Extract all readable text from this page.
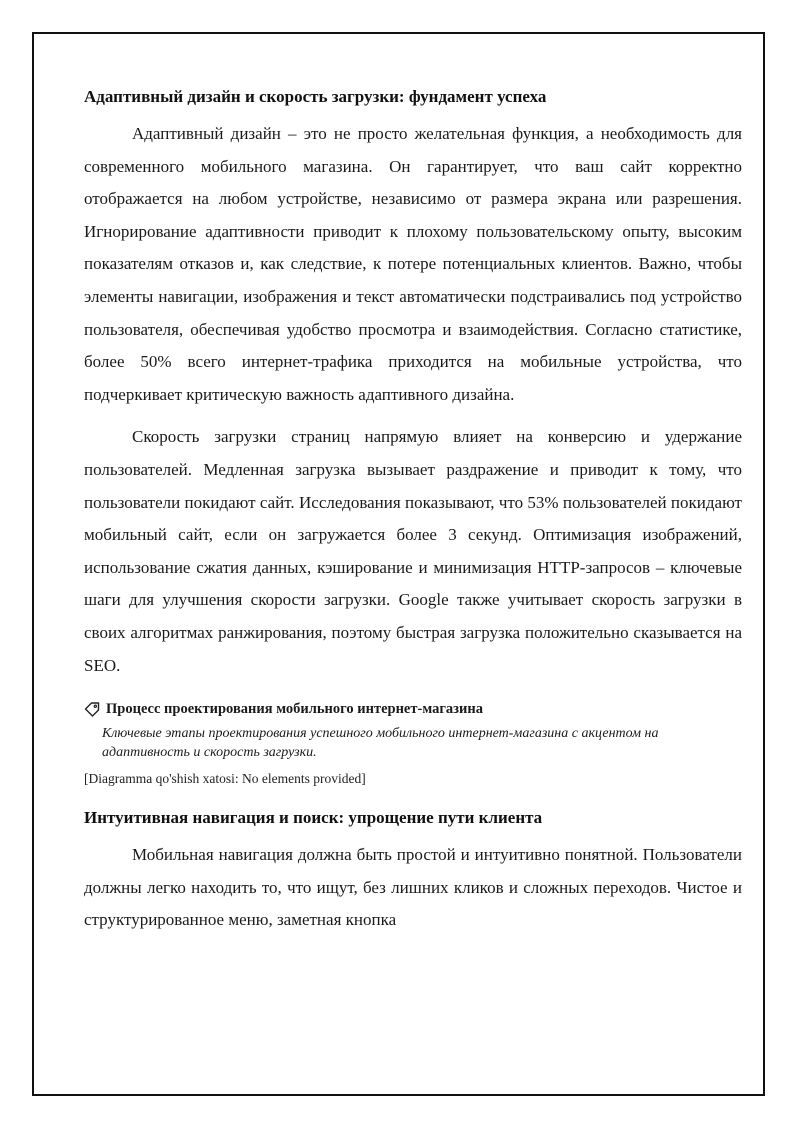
Адаптивный дизайн и скорость загрузки: фундамент успеха

Адаптивный дизайн – это не просто желательная функция, а необходимость для современного мобильного магазина. Он гарантирует, что ваш сайт корректно отображается на любом устройстве, независимо от размера экрана или разрешения. Игнорирование адаптивности приводит к плохому пользовательскому опыту, высоким показателям отказов и, как следствие, к потере потенциальных клиентов. Важно, чтобы элементы навигации, изображения и текст автоматически подстраивались под устройство пользователя, обеспечивая удобство просмотра и взаимодействия. Согласно статистике, более 50% всего интернет-трафика приходится на мобильные устройства, что подчеркивает критическую важность адаптивного дизайна.

Скорость загрузки страниц напрямую влияет на конверсию и удержание пользователей. Медленная загрузка вызывает раздражение и приводит к тому, что пользователи покидают сайт. Исследования показывают, что 53% пользователей покидают мобильный сайт, если он загружается более 3 секунд. Оптимизация изображений, использование сжатия данных, кэширование и минимизация HTTP-запросов – ключевые шаги для улучшения скорости загрузки. Google также учитывает скорость загрузки в своих алгоритмах ранжирования, поэтому быстрая загрузка положительно сказывается на SEO.

Процесс проектирования мобильного интернет-магазина
Ключевые этапы проектирования успешного мобильного интернет-магазина с акцентом на адаптивность и скорость загрузки.
[Diagramma qo'shish xatosi: No elements provided]
Интуитивная навигация и поиск: упрощение пути клиента

Мобильная навигация должна быть простой и интуитивно понятной. Пользователи должны легко находить то, что ищут, без лишних кликов и сложных переходов. Чистое и структурированное меню, заметная кнопка
